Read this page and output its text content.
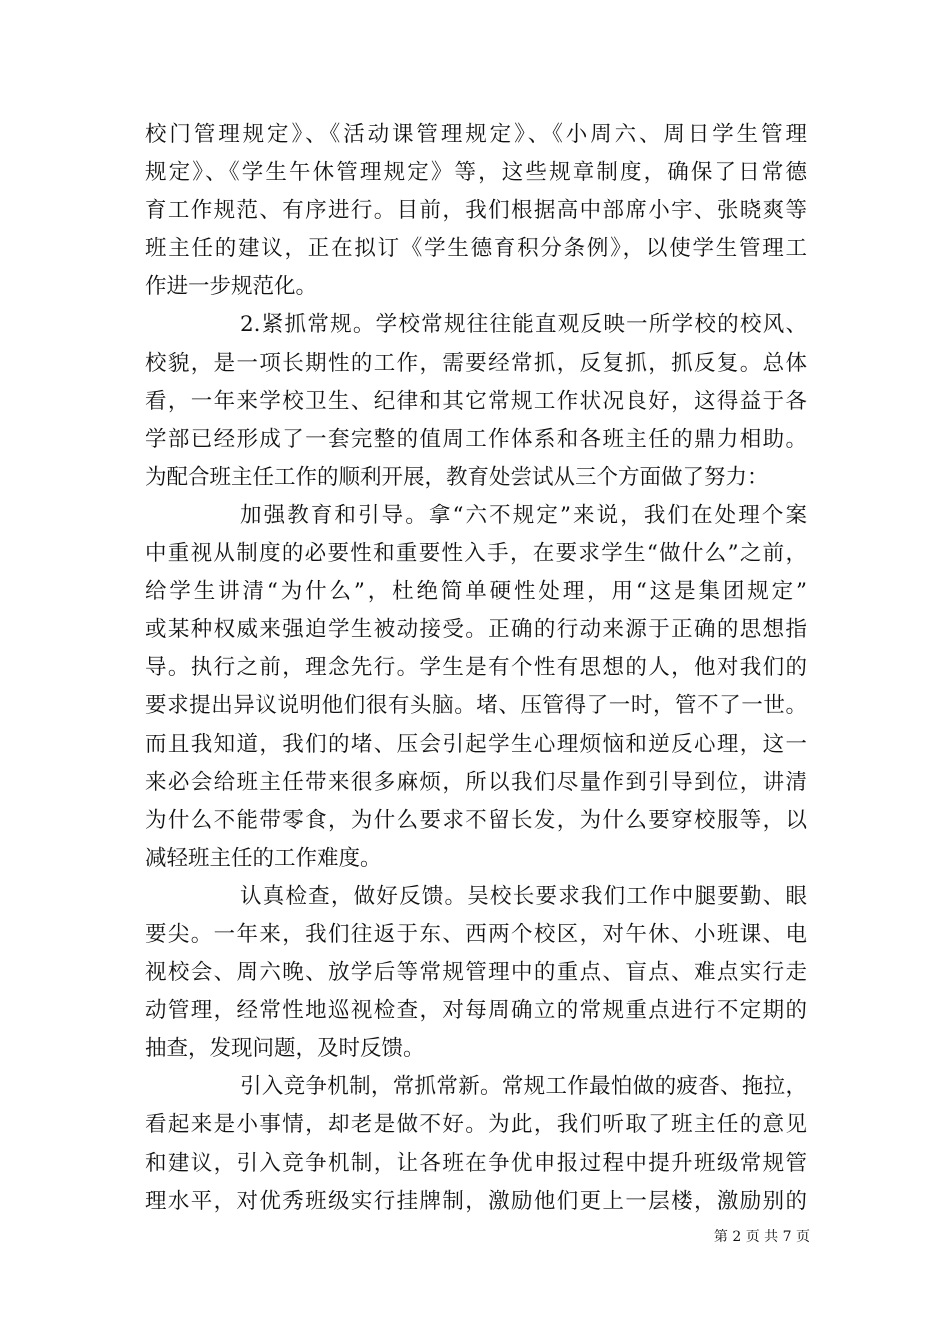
校门管理规定》、《活动课管理规定》、《小周六、周日学生管理
规定》、《学生午休管理规定》等，这些规章制度，确保了日常德
育工作规范、有序进行。目前，我们根据高中部席小宇、张晓爽等
班主任的建议，正在拟订《学生德育积分条例》，以使学生管理工
作进一步规范化。
2.紧抓常规。学校常规往往能直观反映一所学校的校风、
校貌，是一项长期性的工作，需要经常抓，反复抓，抓反复。总体
看，一年来学校卫生、纪律和其它常规工作状况良好，这得益于各
学部已经形成了一套完整的值周工作体系和各班主任的鼎力相助。
为配合班主任工作的顺利开展，教育处尝试从三个方面做了努力：
加强教育和引导。拿“六不规定”来说，我们在处理个案
中重视从制度的必要性和重要性入手，在要求学生“做什么”之前，
给学生讲清“为什么”，杜绝简单硬性处理，用“这是集团规定”
或某种权威来强迫学生被动接受。正确的行动来源于正确的思想指
导。执行之前，理念先行。学生是有个性有思想的人，他对我们的
要求提出异议说明他们很有头脑。堵、压管得了一时，管不了一世。
而且我知道，我们的堵、压会引起学生心理烦恼和逆反心理，这一
来必会给班主任带来很多麻烦，所以我们尽量作到引导到位，讲清
为什么不能带零食，为什么要求不留长发，为什么要穿校服等，以
减轻班主任的工作难度。
认真检查，做好反馈。吴校长要求我们工作中腿要勤、眼
要尖。一年来，我们往返于东、西两个校区，对午休、小班课、电
视校会、周六晚、放学后等常规管理中的重点、盲点、难点实行走
动管理，经常性地巡视检查，对每周确立的常规重点进行不定期的
抽查，发现问题，及时反馈。
引入竞争机制，常抓常新。常规工作最怕做的疲沓、拖拉，
看起来是小事情，却老是做不好。为此，我们听取了班主任的意见
和建议，引入竞争机制，让各班在争优申报过程中提升班级常规管
理水平，对优秀班级实行挂牌制，激励他们更上一层楼，激励别的
第 2 页 共 7 页
